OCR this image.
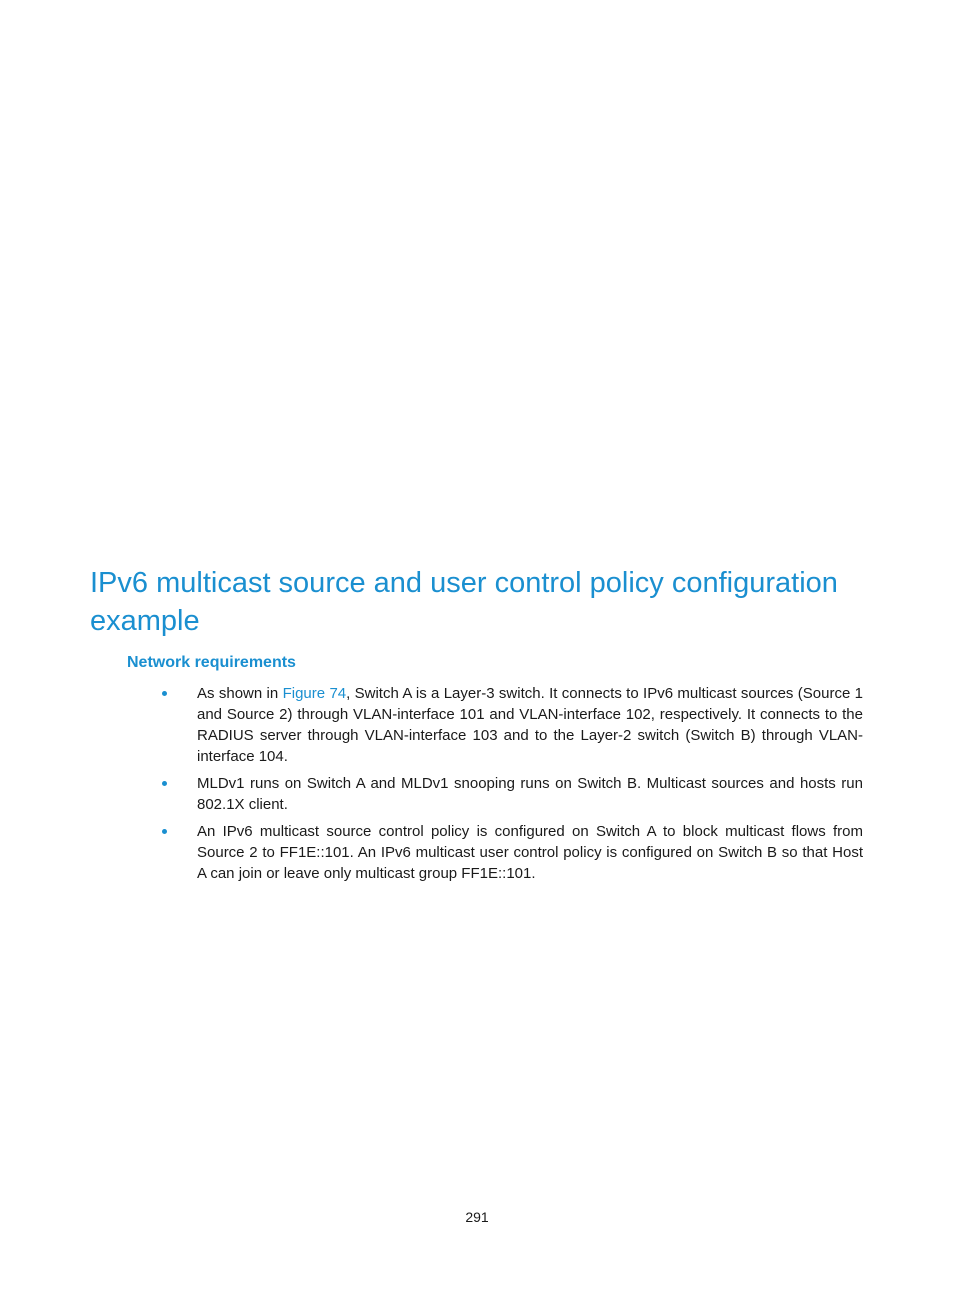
IPv6 multicast source and user control policy configuration example
Network requirements
As shown in Figure 74, Switch A is a Layer-3 switch. It connects to IPv6 multicast sources (Source 1 and Source 2) through VLAN-interface 101 and VLAN-interface 102, respectively. It connects to the RADIUS server through VLAN-interface 103 and to the Layer-2 switch (Switch B) through VLAN-interface 104.
MLDv1 runs on Switch A and MLDv1 snooping runs on Switch B. Multicast sources and hosts run 802.1X client.
An IPv6 multicast source control policy is configured on Switch A to block multicast flows from Source 2 to FF1E::101. An IPv6 multicast user control policy is configured on Switch B so that Host A can join or leave only multicast group FF1E::101.
291
